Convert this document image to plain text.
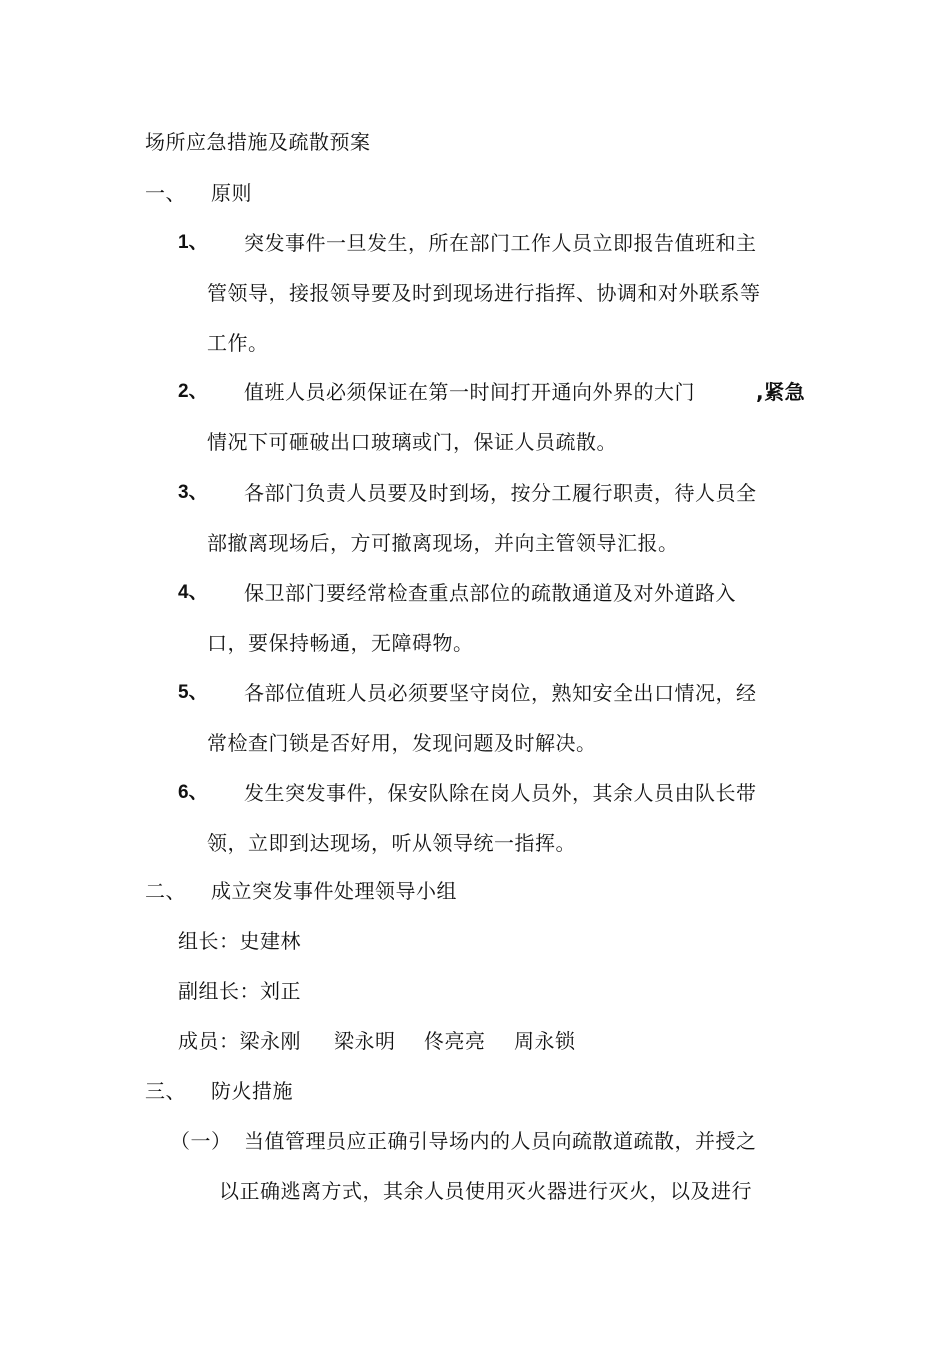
场所应急措施及疏散预案
一、 原则
1、 突发事件一旦发生，所在部门工作人员立即报告值班和主
管领导，接报领导要及时到现场进行指挥、协调和对外联系等
工作。
2、 值班人员必须保证在第一时间打开通向外界的大门	,紧急
情况下可砸破出口玻璃或门，保证人员疏散。
3、 各部门负责人员要及时到场，按分工履行职责，待人员全
部撤离现场后，方可撤离现场，并向主管领导汇报。
4、 保卫部门要经常检查重点部位的疏散通道及对外道路入
口，要保持畅通，无障碍物。
5、 各部位值班人员必须要坚守岗位，熟知安全出口情况，经
常检查门锁是否好用，发现问题及时解决。
6、 发生突发事件，保安队除在岗人员外，其余人员由队长带
领，立即到达现场，听从领导统一指挥。
二、 成立突发事件处理领导小组
组长：史建林
副组长：刘正
成员：梁永刚 梁永明 佟亮亮 周永锁
三、 防火措施
（一） 当值管理员应正确引导场内的人员向疏散道疏散，并授之
以正确逃离方式，其余人员使用灭火器进行灭火，以及进行
